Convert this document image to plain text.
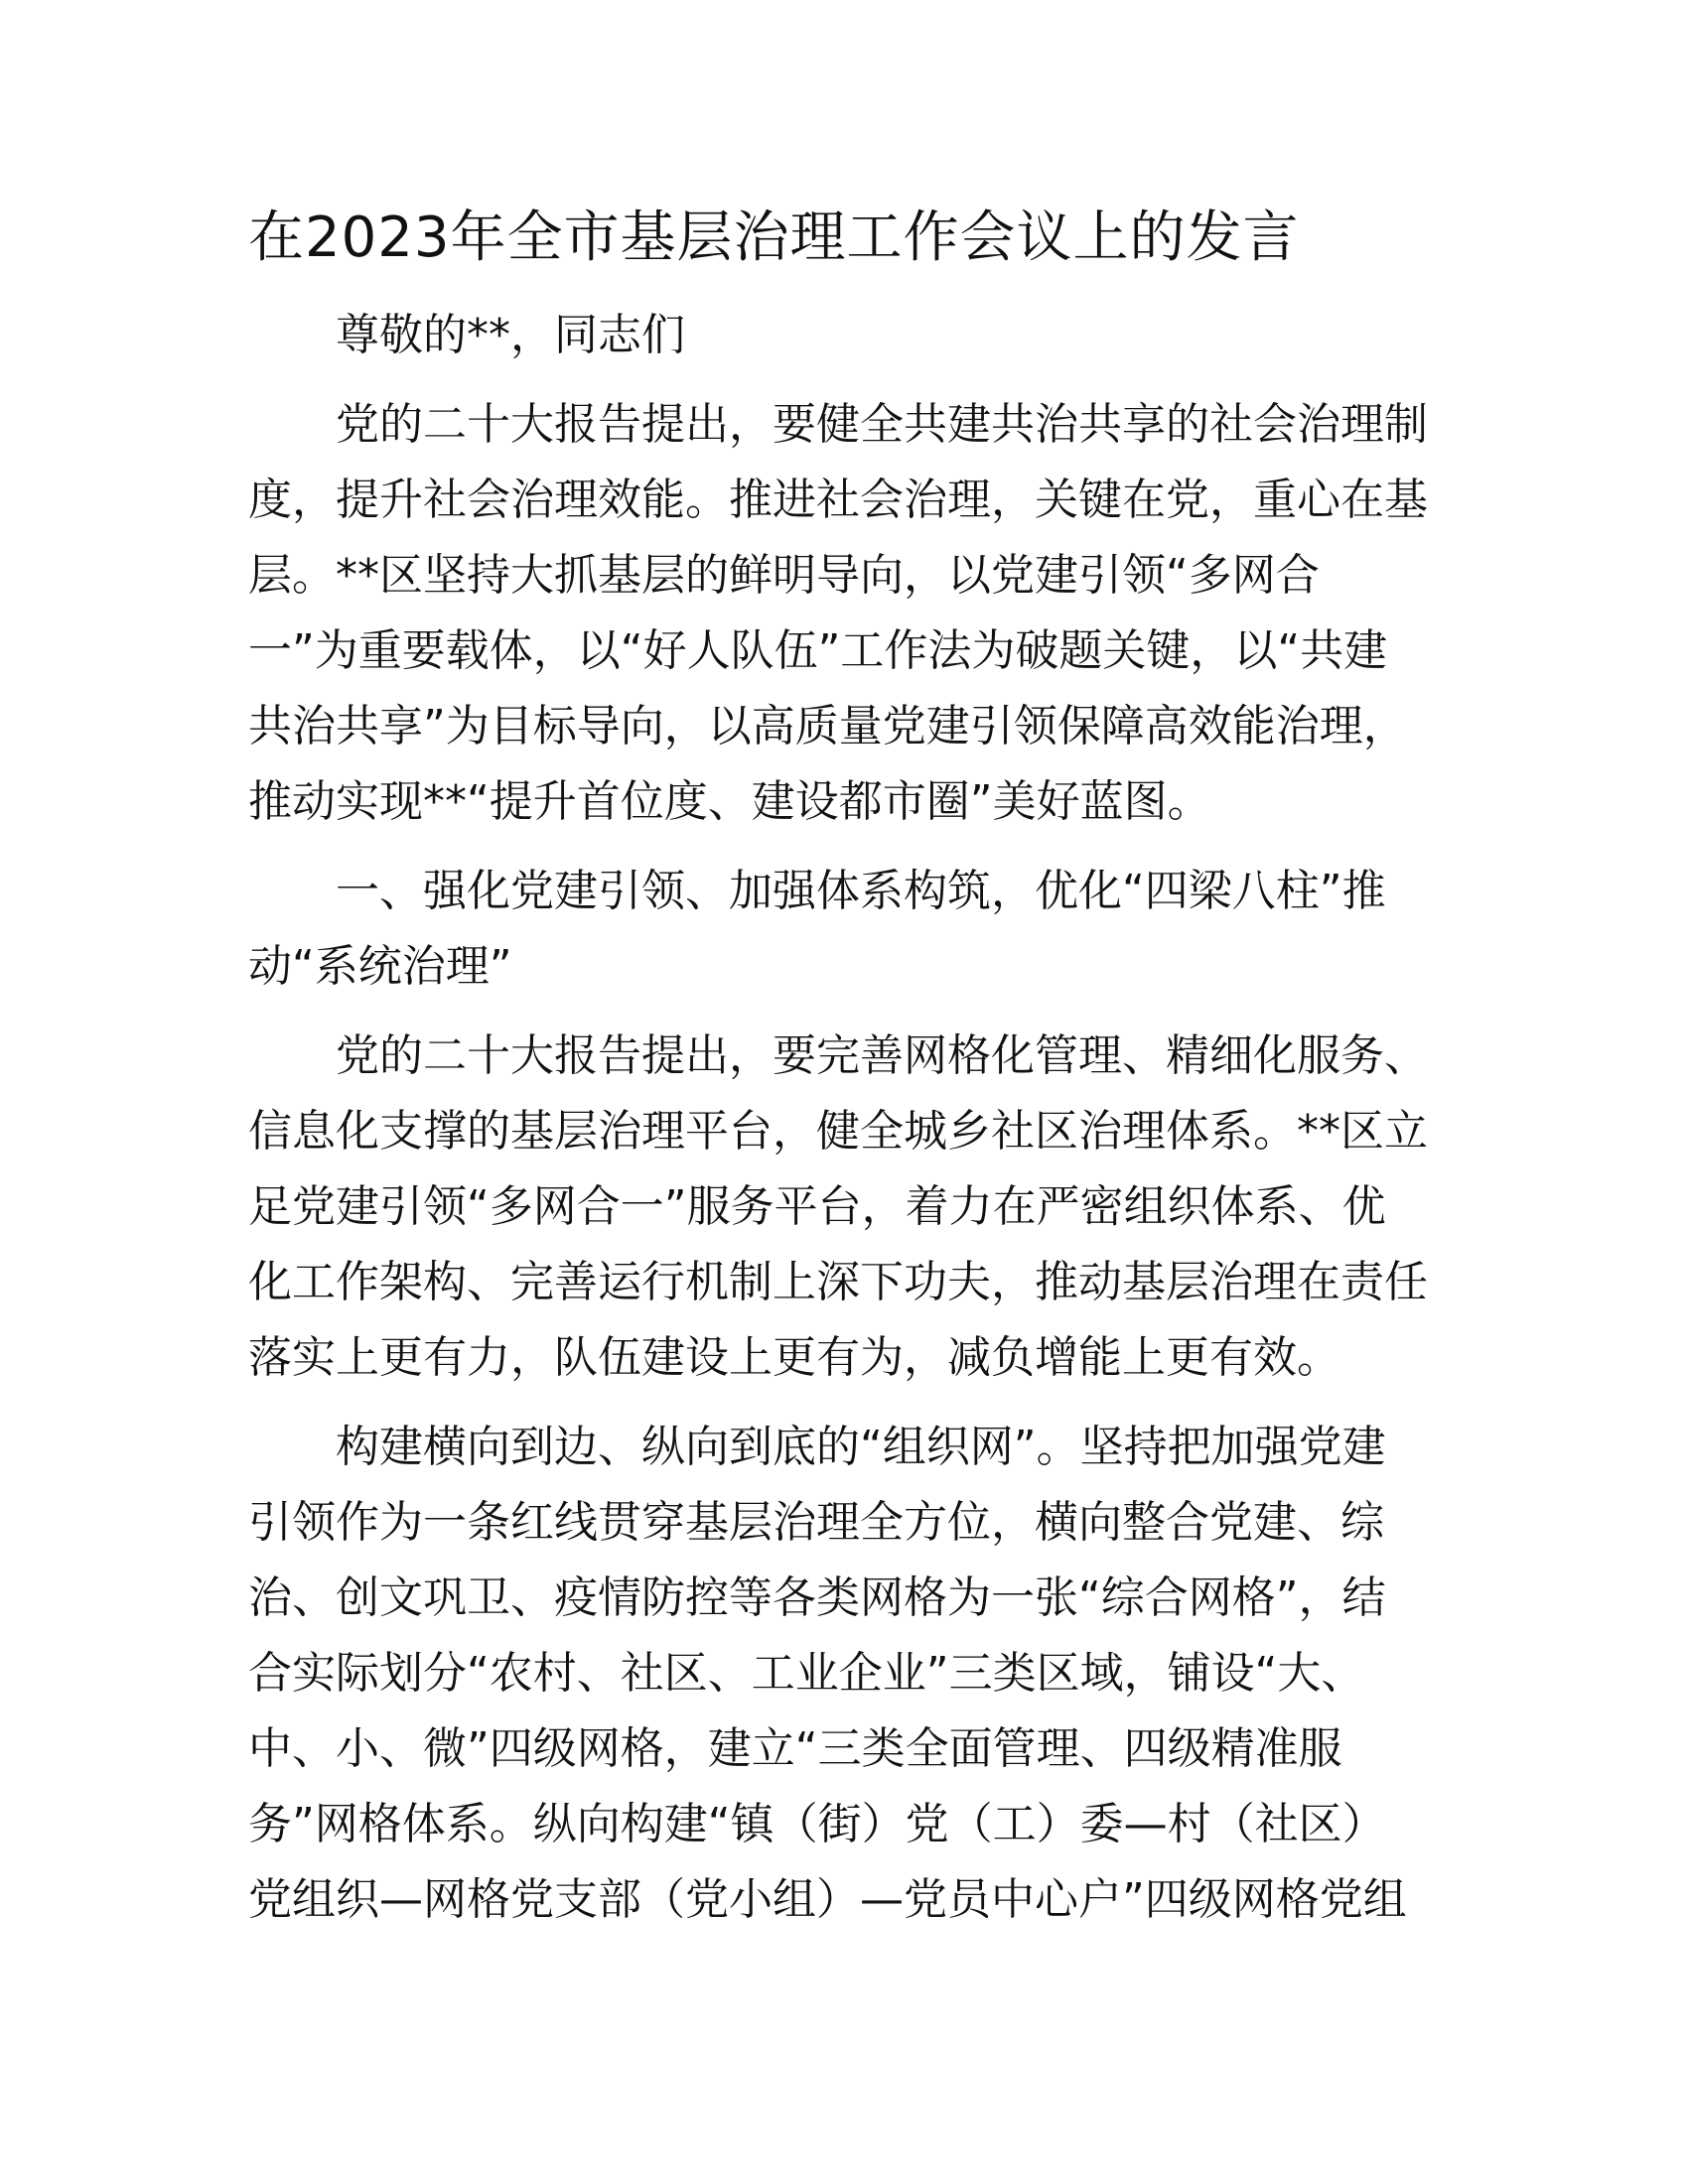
在2023年全市基层治理工作会议上的发言
尊敬的**，同志们
党的二十大报告提出，要健全共建共治共享的社会治理制
度，提升社会治理效能。推进社会治理，关键在党，重心在基
层。**区坚持大抓基层的鲜明导向，以党建引领“多网合
一”为重要载体，以“好人队伍”工作法为破题关键，以“共建
共治共享”为目标导向，以高质量党建引领保障高效能治理，
推动实现**“提升首位度、建设都市圈”美好蓝图。
一、强化党建引领、加强体系构筑，优化“四梁八柱”推
动“系统治理”
党的二十大报告提出，要完善网格化管理、精细化服务、
信息化支撑的基层治理平台，健全城乡社区治理体系。**区立
足党建引领“多网合一”服务平台，着力在严密组织体系、优
化工作架构、完善运行机制上深下功夫，推动基层治理在责任
落实上更有力，队伍建设上更有为，减负增能上更有效。
构建横向到边、纵向到底的“组织网”。坚持把加强党建
引领作为一条红线贯穿基层治理全方位，横向整合党建、综
治、创文巩卫、疫情防控等各类网格为一张“综合网格”，结
合实际划分“农村、社区、工业企业”三类区域，铺设“大、
中、小、微”四级网格，建立“三类全面管理、四级精准服
务”网格体系。纵向构建“镇（街）党（工）委—村（社区）
党组织—网格党支部（党小组）—党员中心户”四级网格党组
